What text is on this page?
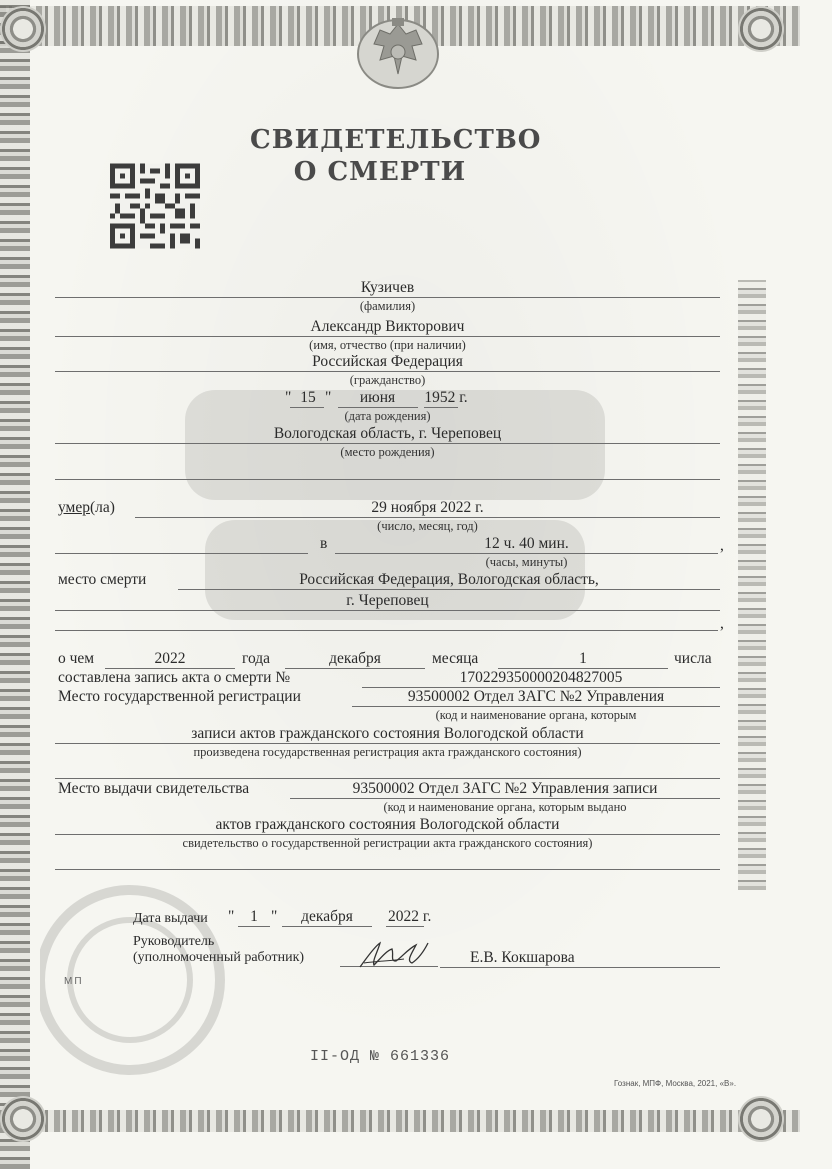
СВИДЕТЕЛЬСТВО
О СМЕРТИ
Кузичев
(фамилия)
Александр Викторович
(имя, отчество (при наличии)
Российская Федерация
(гражданство)
" 15 "	июня	1952 г.
(дата рождения)
Вологодская область, г. Череповец
(место рождения)
умер(ла)	29 ноября 2022 г.
(число, месяц, год)
в	12 ч. 40 мин.	,
(часы, минуты)
место смерти	Российская Федерация, Вологодская область,
г. Череповец
,
о чем	2022	года	декабря	месяца	1	числа
составлена запись акта о смерти №	170229350000204827005
Место государственной регистрации	93500002 Отдел ЗАГС №2 Управления
(код и наименование органа, которым
записи актов гражданского состояния Вологодской области
произведена государственная регистрация акта гражданского состояния)
Место выдачи свидетельства	93500002 Отдел ЗАГС №2 Управления записи
(код и наименование органа, которым выдано
актов гражданского состояния Вологодской области
свидетельство о государственной регистрации акта гражданского состояния)
Дата выдачи "	1 "	декабря	2022 г.
Руководитель
(уполномоченный работник)	Е.В. Кокшарова
МП
II-ОД № 661336
Гознак, МПФ, Москва, 2021, «В».
